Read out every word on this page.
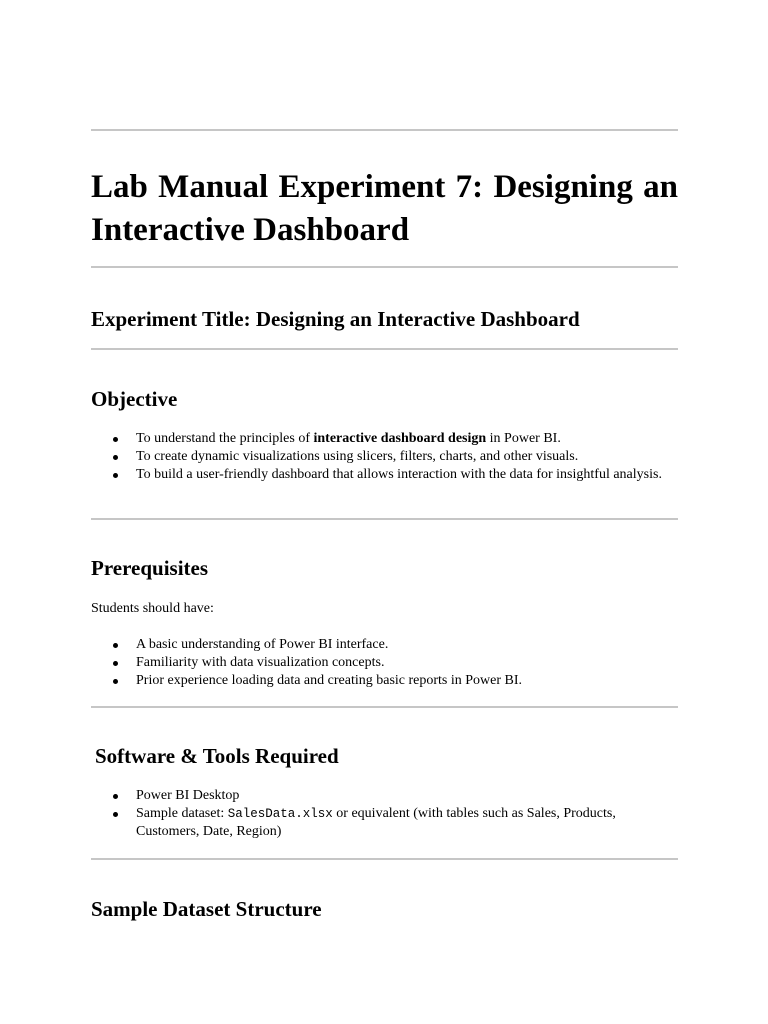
Lab Manual Experiment 7: Designing an Interactive Dashboard
Experiment Title: Designing an Interactive Dashboard
Objective
To understand the principles of interactive dashboard design in Power BI.
To create dynamic visualizations using slicers, filters, charts, and other visuals.
To build a user-friendly dashboard that allows interaction with the data for insightful analysis.
Prerequisites

Students should have:

A basic understanding of Power BI interface.
Familiarity with data visualization concepts.
Prior experience loading data and creating basic reports in Power BI.
Software & Tools Required
Power BI Desktop
Sample dataset: SalesData.xlsx or equivalent (with tables such as Sales, Products, Customers, Date, Region)
Sample Dataset Structure
